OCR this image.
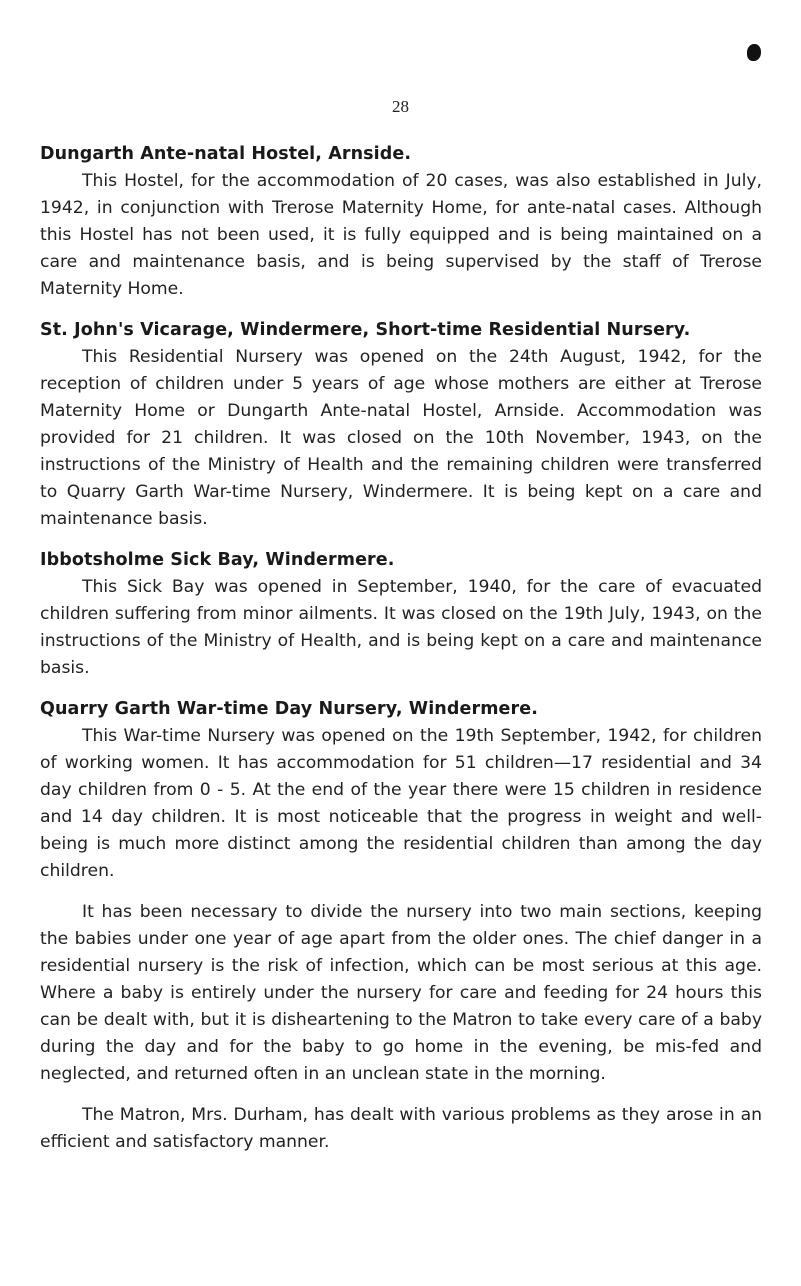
28

Dungarth Ante-natal Hostel, Arnside.

This Hostel, for the accommodation of 20 cases, was also established in July, 1942, in conjunction with Trerose Maternity Home, for ante-natal cases. Although this Hostel has not been used, it is fully equipped and is being maintained on a care and maintenance basis, and is being supervised by the staff of Trerose Maternity Home.

St. John's Vicarage, Windermere, Short-time Residential Nursery.

This Residential Nursery was opened on the 24th August, 1942, for the reception of children under 5 years of age whose mothers are either at Trerose Maternity Home or Dungarth Ante-natal Hostel, Arnside. Accommodation was provided for 21 children. It was closed on the 10th November, 1943, on the instructions of the Ministry of Health and the remaining children were transferred to Quarry Garth War-time Nursery, Windermere. It is being kept on a care and maintenance basis.

Ibbotsholme Sick Bay, Windermere.

This Sick Bay was opened in September, 1940, for the care of evacuated children suffering from minor ailments. It was closed on the 19th July, 1943, on the instructions of the Ministry of Health, and is being kept on a care and maintenance basis.

Quarry Garth War-time Day Nursery, Windermere.

This War-time Nursery was opened on the 19th September, 1942, for children of working women. It has accommodation for 51 children—17 residential and 34 day children from 0 - 5. At the end of the year there were 15 children in residence and 14 day children. It is most noticeable that the progress in weight and well-being is much more distinct among the residential children than among the day children.

It has been necessary to divide the nursery into two main sections, keeping the babies under one year of age apart from the older ones. The chief danger in a residential nursery is the risk of infection, which can be most serious at this age. Where a baby is entirely under the nursery for care and feeding for 24 hours this can be dealt with, but it is disheartening to the Matron to take every care of a baby during the day and for the baby to go home in the evening, be mis-fed and neglected, and returned often in an unclean state in the morning.

The Matron, Mrs. Durham, has dealt with various problems as they arose in an efficient and satisfactory manner.
